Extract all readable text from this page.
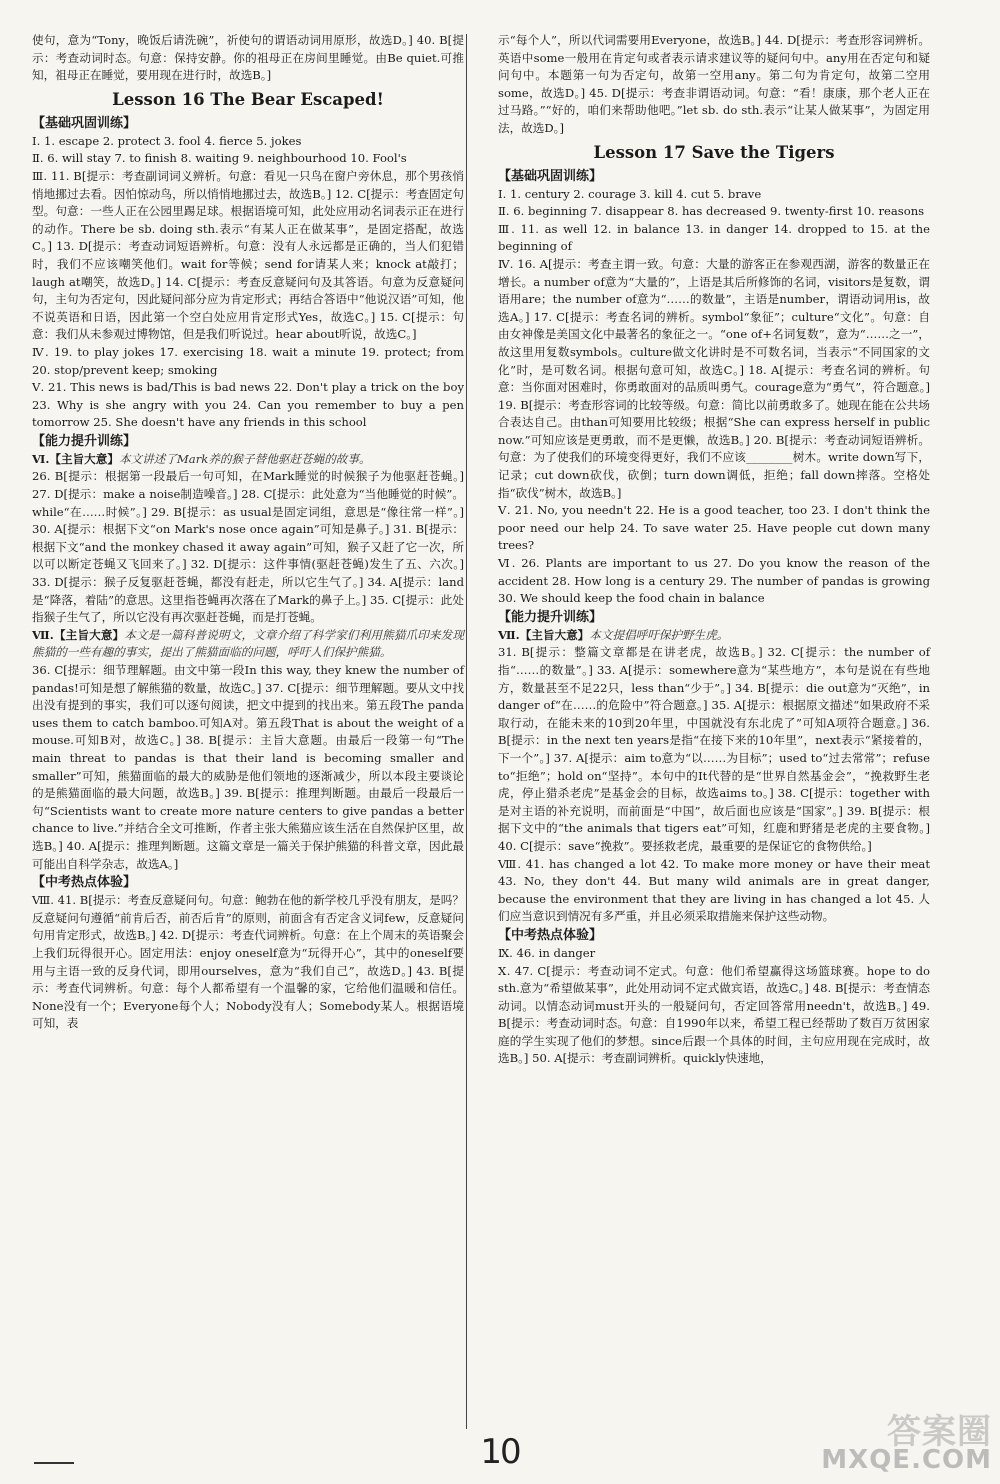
使句，意为“Tony，晚饭后请洗碗”，祈使句的谓语动词用原形，故选D。] 40. B[提示：考查动词时态。句意：保持安静。你的祖母正在房间里睡觉。由Be quiet.可推知，祖母正在睡觉，要用现在进行时，故选B。]

Lesson 16 The Bear Escaped!

【基础巩固训练】

Ⅰ. 1. escape 2. protect 3. fool 4. fierce 5. jokes

Ⅱ. 6. will stay 7. to finish 8. waiting 9. neighbourhood 10. Fool's

Ⅲ. 11. B[提示：考查副词词义辨析。句意：看见一只鸟在窗户旁休息，那个男孩悄悄地挪过去看。因怕惊动鸟，所以悄悄地挪过去，故选B。] 12. C[提示：考查固定句型。句意：一些人正在公园里踢足球。根据语境可知，此处应用动名词表示正在进行的动作。There be sb. doing sth.表示“有某人正在做某事”，是固定搭配，故选C。] 13. D[提示：考查动词短语辨析。句意：没有人永远都是正确的，当人们犯错时，我们不应该嘲笑他们。wait for等候；send for请某人来；knock at敲打；laugh at嘲笑，故选D。] 14. C[提示：考查反意疑问句及其答语。句意为反意疑问句，主句为否定句，因此疑问部分应为肯定形式；再结合答语中“他说汉语”可知，他不说英语和日语，因此第一个空白处应用肯定形式Yes，故选C。] 15. C[提示：句意：我们从未参观过博物馆，但是我们听说过。hear about听说，故选C。]

Ⅳ. 19. to play jokes 17. exercising 18. wait a minute 19. protect; from 20. stop/prevent keep; smoking

Ⅴ. 21. This news is bad/This is bad news 22. Don't play a trick on the boy 23. Why is she angry with you 24. Can you remember to buy a pen tomorrow 25. She doesn't have any friends in this school

【能力提升训练】

Ⅵ.【主旨大意】本文讲述了Mark养的猴子替他驱赶苍蝇的故事。

26. B[提示：根据第一段最后一句可知，在Mark睡觉的时候猴子为他驱赶苍蝇。] 27. D[提示：make a noise制造噪音。] 28. C[提示：此处意为“当他睡觉的时候”。while“在……时候”。] 29. B[提示：as usual是固定词组，意思是“像往常一样”。] 30. A[提示：根据下文“on Mark's nose once again”可知是鼻子。] 31. B[提示：根据下文“and the monkey chased it away again”可知，猴子又赶了它一次，所以可以断定苍蝇又飞回来了。] 32. D[提示：这件事情(驱赶苍蝇)发生了五、六次。] 33. D[提示：猴子反复驱赶苍蝇，都没有赶走，所以它生气了。] 34. A[提示：land是“降落，着陆”的意思。这里指苍蝇再次落在了Mark的鼻子上。] 35. C[提示：此处指猴子生气了，所以它没有再次驱赶苍蝇，而是打苍蝇。

Ⅶ.【主旨大意】本文是一篇科普说明文，文章介绍了科学家们利用熊猫爪印来发现熊猫的一些有趣的事实，提出了熊猫面临的问题，呼吁人们保护熊猫。

36. C[提示：细节理解题。由文中第一段In this way, they knew the number of pandas!可知是想了解熊猫的数量，故选C。] 37. C[提示：细节理解题。要从文中找出没有提到的事实，我们可以逐句阅读，把文中提到的找出来。第五段The panda uses them to catch bamboo.可知A对。第五段That is about the weight of a mouse.可知B对，故选C。] 38. B[提示：主旨大意题。由最后一段第一句“The main threat to pandas is that their land is becoming smaller and smaller”可知，熊猫面临的最大的威胁是他们领地的逐渐减少，所以本段主要谈论的是熊猫面临的最大问题，故选B。] 39. B[提示：推理判断题。由最后一段最后一句“Scientists want to create more nature centers to give pandas a better chance to live.”并结合全文可推断，作者主张大熊猫应该生活在自然保护区里，故选B。] 40. A[提示：推理判断题。这篇文章是一篇关于保护熊猫的科普文章，因此最可能出自科学杂志，故选A。]

【中考热点体验】

Ⅷ. 41. B[提示：考查反意疑问句。句意：鲍勃在他的新学校几乎没有朋友，是吗？反意疑问句遵循“前肯后否，前否后肯”的原则，前面含有否定含义词few，反意疑问句用肯定形式，故选B。] 42. D[提示：考查代词辨析。句意：在上个周末的英语聚会上我们玩得很开心。固定用法：enjoy oneself意为“玩得开心”，其中的oneself要用与主语一致的反身代词，即用ourselves，意为“我们自己”，故选D。] 43. B[提示：考查代词辨析。句意：每个人都希望有一个温馨的家，它给他们温暖和信任。None没有一个；Everyone每个人；Nobody没有人；Somebody某人。根据语境可知，表

示“每个人”，所以代词需要用Everyone，故选B。] 44. D[提示：考查形容词辨析。英语中some一般用在肯定句或者表示请求建议等的疑问句中。any用在否定句和疑问句中。本题第一句为否定句，故第一空用any。第二句为肯定句，故第二空用some，故选D。] 45. D[提示：考查非谓语动词。句意：“看！康康，那个老人正在过马路。”“好的，咱们来帮助他吧。”let sb. do sth.表示“让某人做某事”，为固定用法，故选D。]

Lesson 17 Save the Tigers

【基础巩固训练】

Ⅰ. 1. century 2. courage 3. kill 4. cut 5. brave

Ⅱ. 6. beginning 7. disappear 8. has decreased 9. twenty-first 10. reasons

Ⅲ. 11. as well 12. in balance 13. in danger 14. dropped to 15. at the beginning of

Ⅳ. 16. A[提示：考查主谓一致。句意：大量的游客正在参观西湖，游客的数量正在增长。a number of意为“大量的”，上语是其后所修饰的名词，visitors是复数，谓语用are；the number of意为“……的数量”，主语是number，谓语动词用is，故选A。] 17. C[提示：考查名词的辨析。symbol“象征”；culture“文化”。句意：自由女神像是美国文化中最著名的象征之一。“one of+名词复数”，意为“……之一”，故这里用复数symbols。culture做文化讲时是不可数名词，当表示“不同国家的文化”时，是可数名词。根据句意可知，故选C。] 18. A[提示：考查名词的辨析。句意：当你面对困难时，你勇敢面对的品质叫勇气。courage意为“勇气”，符合题意。] 19. B[提示：考查形容词的比较等级。句意：简比以前勇敢多了。她现在能在公共场合表达自己。由than可知要用比较级；根据“She can express herself in public now.”可知应该是更勇敢，而不是更懒，故选B。] 20. B[提示：考查动词短语辨析。句意：为了使我们的环境变得更好，我们不应该________树木。write down写下，记录；cut down砍伐，砍倒；turn down调低，拒绝；fall down摔落。空格处指“砍伐”树木，故选B。]

Ⅴ. 21. No, you needn't 22. He is a good teacher, too 23. I don't think the poor need our help 24. To save water 25. Have people cut down many trees?

Ⅵ. 26. Plants are important to us 27. Do you know the reason of the accident 28. How long is a century 29. The number of pandas is growing 30. We should keep the food chain in balance

【能力提升训练】

Ⅶ.【主旨大意】本文提倡呼吁保护野生虎。

31. B[提示：整篇文章都是在讲老虎，故选B。] 32. C[提示：the number of指“……的数量”。] 33. A[提示：somewhere意为“某些地方”，本句是说在有些地方，数量甚至不足22只，less than“少于”。] 34. B[提示：die out意为“灭绝”，in danger of“在……的危险中”符合题意。] 35. A[提示：根据原文描述“如果政府不采取行动，在能未来的10到20年里，中国就没有东北虎了”可知A项符合题意。] 36. B[提示：in the next ten years是指“在接下来的10年里”，next表示“紧接着的，下一个”。] 37. A[提示：aim to意为“以……为目标”；used to“过去常常”；refuse to“拒绝”；hold on“坚持”。本句中的It代替的是“世界自然基金会”，“挽救野生老虎，停止猎杀老虎”是基金会的目标，故选aims to。] 38. C[提示：together with是对主语的补充说明，而前面是“中国”，故后面也应该是“国家”。] 39. B[提示：根据下文中的“the animals that tigers eat”可知，红鹿和野猪是老虎的主要食物。] 40. C[提示：save“挽救”。要拯救老虎，最重要的是保证它的食物供给。]

Ⅷ. 41. has changed a lot 42. To make more money or have their meat 43. No, they don't 44. But many wild animals are in great danger, because the environment that they are living in has changed a lot 45. 人们应当意识到情况有多严重，并且必须采取措施来保护这些动物。

【中考热点体验】

Ⅸ. 46. in danger

Ⅹ. 47. C[提示：考查动词不定式。句意：他们希望赢得这场篮球赛。hope to do sth.意为“希望做某事”，此处用动词不定式做宾语，故选C。] 48. B[提示：考查情态动词。以情态动词must开头的一般疑问句，否定回答常用needn't，故选B。] 49. B[提示：考查动词时态。句意：自1990年以来，希望工程已经帮助了数百万贫困家庭的学生实现了他们的梦想。since后跟一个具体的时间，主句应用现在完成时，故选B。] 50. A[提示：考查副词辨析。quickly快速地，

10	答案圈
MXQE.COM
